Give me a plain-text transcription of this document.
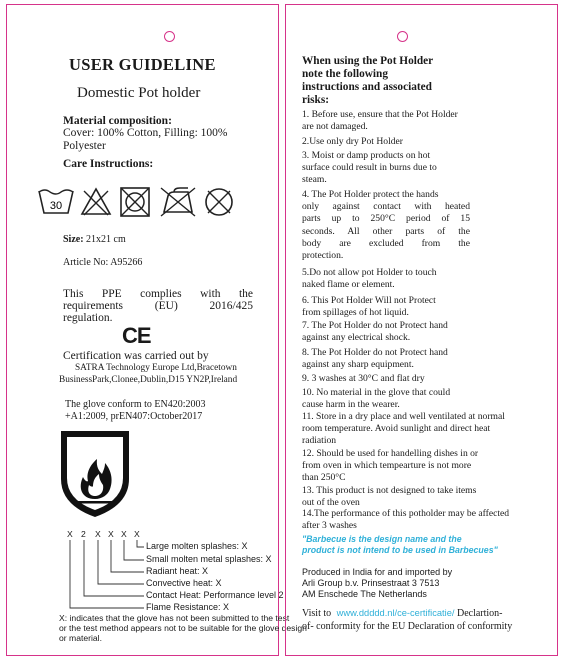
USER GUIDELINE
Domestic Pot holder
Material composition:
Cover: 100% Cotton, Filling: 100%
Polyester
Care Instructions:
30
Size: 21x21 cm
Article No: A95266
This PPE complies with the
requirements (EU) 2016/425
regulation.
CE
Certification was carried out by
SATRA Technology Europe Ltd,Bracetown
BusinessPark,Clonee,Dublin,D15 YN2P,Ireland
The glove conform to EN420:2003
+A1:2009, prEN407:October2017
X 2 X X X X
Large molten splashes: X
Small molten metal splashes: X
Radiant heat: X
Convective heat: X
Contact Heat: Performance level 2
Flame Resistance: X
X: indicates that the glove has not been submitted to the test
or the test method appears not to be suitable for the glove design
or material.
When using the Pot Holder
note the following
instructions and associated
risks:
1. Before use, ensure that the Pot Holder
are not damaged.
2.Use only dry Pot Holder
3. Moist or damp products on hot
surface could result in burns due to
steam.
4. The Pot Holder protect the hands
only against contact with heated
parts up to 250°C period of 15
seconds. All other parts of the
body are excluded from the
protection.
5.Do not allow pot Holder to touch
naked flame or element.
6. This Pot Holder Will not Protect
from spillages of hot liquid.
7. The Pot Holder do not Protect hand
against any electrical shock.
8. The Pot Holder do not Protect hand
against any sharp equipment.
9. 3 washes at 30°C and flat dry
10. No material in the glove that could
cause harm in the wearer.
11. Store in a dry place and well ventilated at normal
room temperature. Avoid sunlight and direct heat
radiation
12. Should be used for handelling dishes in or
from oven in which tempearture is not more
than 250°C
13. This product is not designed to take items
out of the oven
14.The performance of this potholder may be affected
after 3 washes
"Barbecue is the design name and the
product is not intend to be used in Barbecues"
Produced in India for and imported by
Arli Group b.v. Prinsestraat 3 7513
AM Enschede The Netherlands
Visit to www.ddddd.nl/ce-certificatie/ Declartion-
of- conformity for the EU Declaration of conformity
